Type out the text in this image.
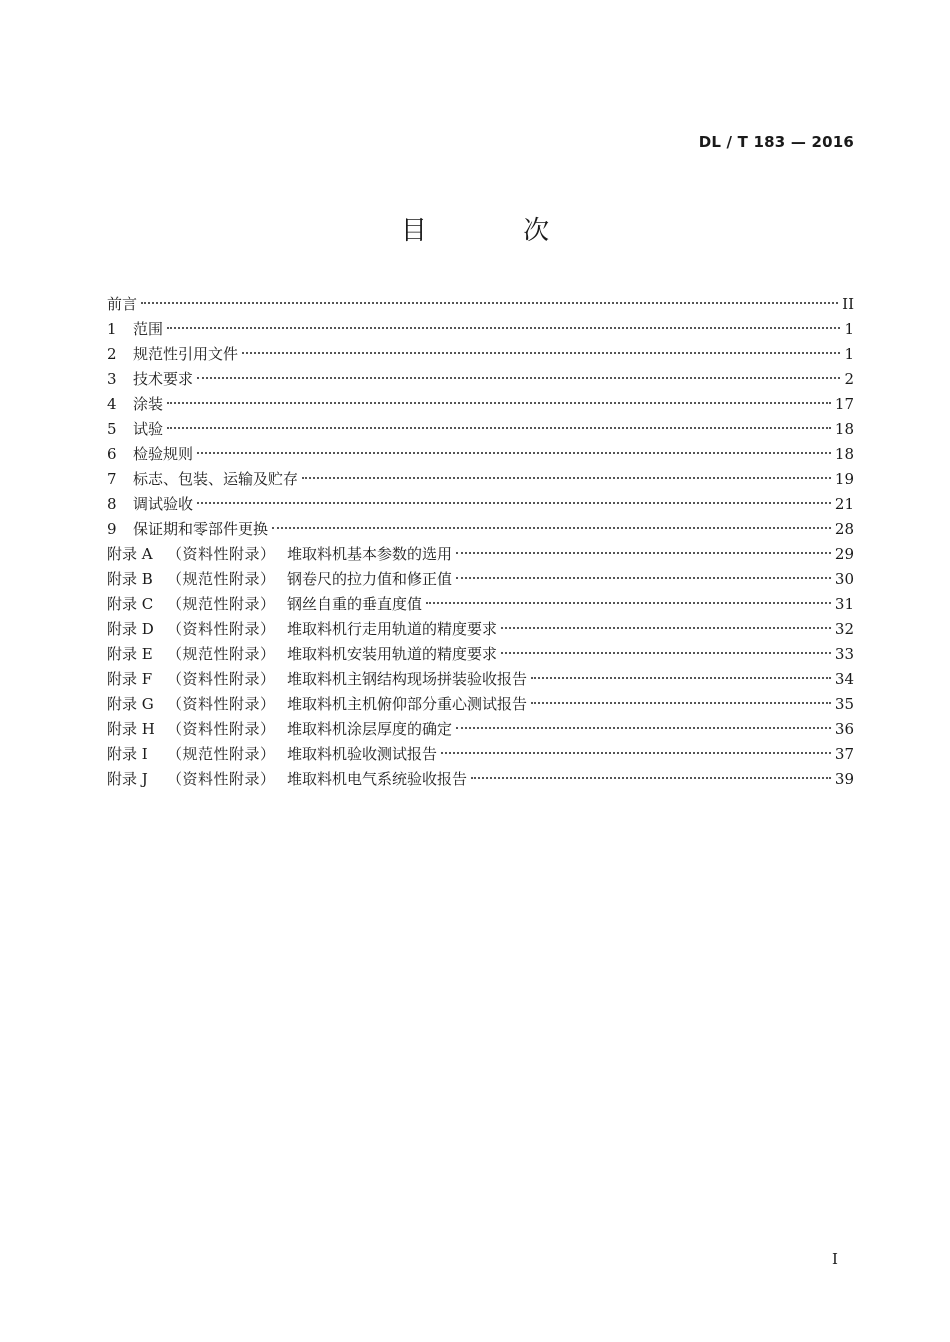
DL / T 183 — 2016
目 次
前言	II
1 范围	1
2 规范性引用文件	1
3 技术要求	2
4 涂装	17
5 试验	18
6 检验规则	18
7 标志、包装、运输及贮存	19
8 调试验收	21
9 保证期和零部件更换	28
附录 A （资料性附录） 堆取料机基本参数的选用	29
附录 B （规范性附录） 钢卷尺的拉力值和修正值	30
附录 C （规范性附录） 钢丝自重的垂直度值	31
附录 D （资料性附录） 堆取料机行走用轨道的精度要求	32
附录 E （规范性附录） 堆取料机安装用轨道的精度要求	33
附录 F （资料性附录） 堆取料机主钢结构现场拼装验收报告	34
附录 G （资料性附录） 堆取料机主机俯仰部分重心测试报告	35
附录 H （资料性附录） 堆取料机涂层厚度的确定	36
附录 I （规范性附录） 堆取料机验收测试报告	37
附录 J （资料性附录） 堆取料机电气系统验收报告	39
I
